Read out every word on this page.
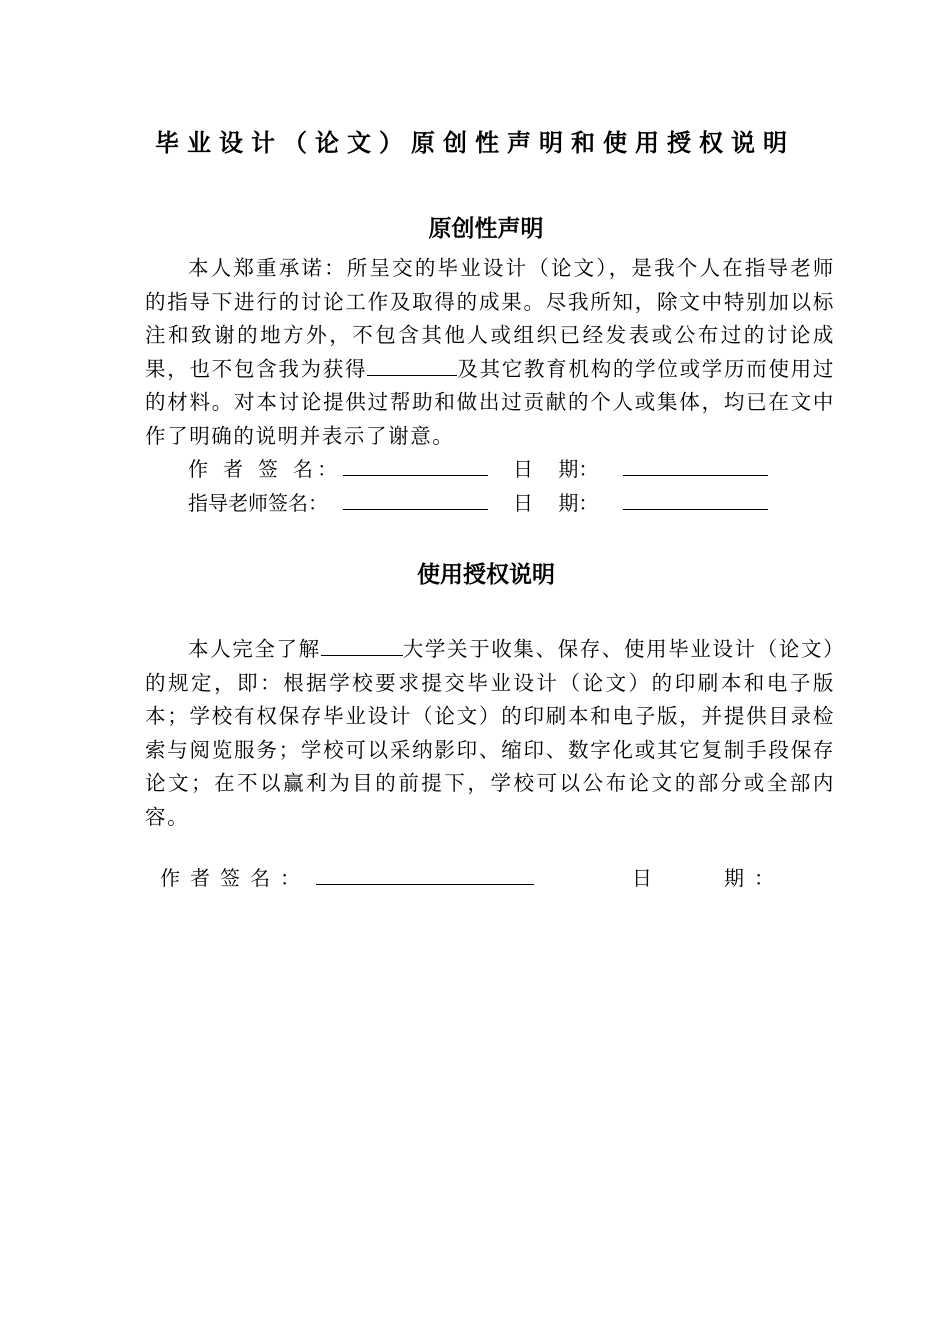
毕业设计（论文）原创性声明和使用授权说明
原创性声明
本人郑重承诺：所呈交的毕业设计（论文），是我个人在指导老师的指导下进行的讨论工作及取得的成果。尽我所知，除文中特别加以标注和致谢的地方外，不包含其他人或组织已经发表或公布过的讨论成果，也不包含我为获得	及其它教育机构的学位或学历而使用过的材料。对本讨论提供过帮助和做出过贡献的个人或集体，均已在文中作了明确的说明并表示了谢意。
作 者 签 名：	日    期：
指导老师签名：	日    期：
使用授权说明
本人完全了解	大学关于收集、保存、使用毕业设计（论文）的规定，即：根据学校要求提交毕业设计（论文）的印刷本和电子版本；学校有权保存毕业设计（论文）的印刷本和电子版，并提供目录检索与阅览服务；学校可以采纳影印、缩印、数字化或其它复制手段保存论文；在不以赢利为目的前提下，学校可以公布论文的部分或全部内容。
作者签名：	日	期：
